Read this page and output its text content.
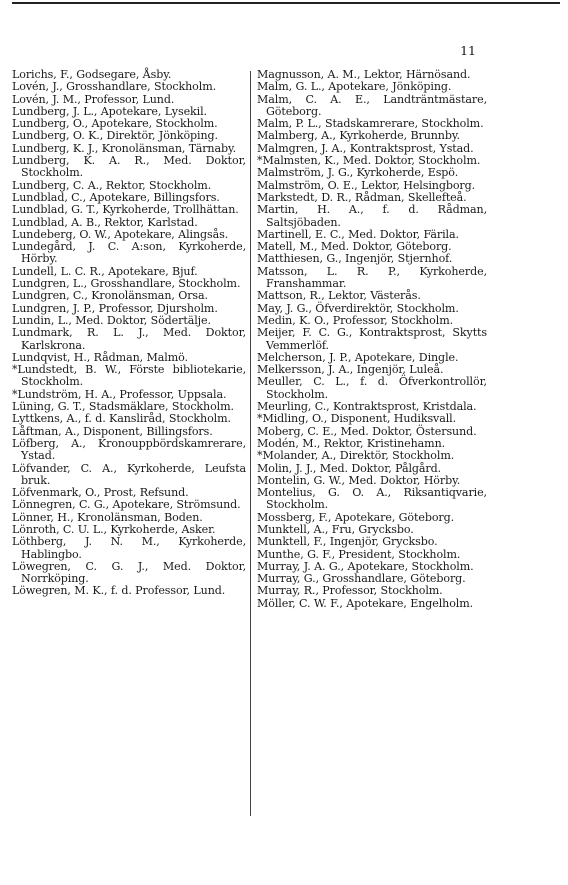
11
Lorichs, F., Godsegare, Åsby.
Lovén, J., Grosshandlare, Stockholm.
Lovén, J. M., Professor, Lund.
Lundberg, J. L., Apotekare, Lysekil.
Lundberg, O., Apotekare, Stockholm.
Lundberg, O. K., Direktör, Jönköping.
Lundberg, K. J., Kronolänsman, Tärnaby.
Lundberg, K. A. R., Med. Doktor, Stockholm.
Lundberg, C. A., Rektor, Stockholm.
Lundblad, C., Apotekare, Billingsfors.
Lundblad, G. T., Kyrkoherde, Trollhättan.
Lundblad, A. B., Rektor, Karlstad.
Lundeberg, O. W., Apotekare, Alingsås.
Lundegård, J. C. A:son, Kyrkoherde, Hörby.
Lundell, L. C. R., Apotekare, Bjuf.
Lundgren, L., Grosshandlare, Stockholm.
Lundgren, C., Kronolänsman, Orsa.
Lundgren, J. P., Professor, Djursholm.
Lundin, L., Med. Doktor, Södertälje.
Lundmark, R. L. J., Med. Doktor, Karlskrona.
Lundqvist, H., Rådman, Malmö.
*Lundstedt, B. W., Förste bibliotekarie, Stockholm.
*Lundström, H. A., Professor, Uppsala.
Lüning, G. T., Stadsmäklare, Stockholm.
Lyttkens, A., f. d. Kansliråd, Stockholm.
Låftman, A., Disponent, Billingsfors.
Löfberg, A., Kronouppbördskamrerare, Ystad.
Löfvander, C. A., Kyrkoherde, Leufsta bruk.
Löfvenmark, O., Prost, Refsund.
Lönnegren, C. G., Apotekare, Strömsund.
Lönner, H., Kronolänsman, Boden.
Lönroth, C. U. L., Kyrkoherde, Asker.
Löthberg, J. N. M., Kyrkoherde, Hablingbo.
Löwegren, C. G. J., Med. Doktor, Norrköping.
Löwegren, M. K., f. d. Professor, Lund.
Magnusson, A. M., Lektor, Härnösand.
Malm, G. L., Apotekare, Jönköping.
Malm, C. A. E., Landträntmästare, Göteborg.
Malm, P. L., Stadskamrerare, Stockholm.
Malmberg, A., Kyrkoherde, Brunnby.
Malmgren, J. A., Kontraktsprost, Ystad.
*Malmsten, K., Med. Doktor, Stockholm.
Malmström, J. G., Kyrkoherde, Espö.
Malmström, O. E., Lektor, Helsingborg.
Markstedt, D. R., Rådman, Skellefteå.
Martin, H. A., f. d. Rådman, Saltsjöbaden.
Martinell, E. C., Med. Doktor, Färila.
Matell, M., Med. Doktor, Göteborg.
Matthiesen, G., Ingenjör, Stjernhof.
Matsson, L. R. P., Kyrkoherde, Franshammar.
Mattson, R., Lektor, Västerås.
May, J. G., Öfverdirektör, Stockholm.
Medin, K. O., Professor, Stockholm.
Meijer, F. C. G., Kontraktsprost, Skytts Vemmerlöf.
Melcherson, J. P., Apotekare, Dingle.
Melkersson, J. A., Ingenjör, Luleå.
Meuller, C. L., f. d. Öfverkontrollör, Stockholm.
Meurling, C., Kontraktsprost, Kristdala.
*Midling, O., Disponent, Hudiksvall.
Moberg, C. E., Med. Doktor, Östersund.
Modén, M., Rektor, Kristinehamn.
*Molander, A., Direktör, Stockholm.
Molin, J. J., Med. Doktor, Pålgård.
Montelin, G. W., Med. Doktor, Hörby.
Montelius, G. O. A., Riksantiqvarie, Stockholm.
Mossberg, F., Apotekare, Göteborg.
Munktell, A., Fru, Grycksbo.
Munktell, F., Ingenjör, Grycksbo.
Munthe, G. F., President, Stockholm.
Murray, J. A. G., Apotekare, Stockholm.
Murray, G., Grosshandlare, Göteborg.
Murray, R., Professor, Stockholm.
Möller, C. W. F., Apotekare, Engelholm.
